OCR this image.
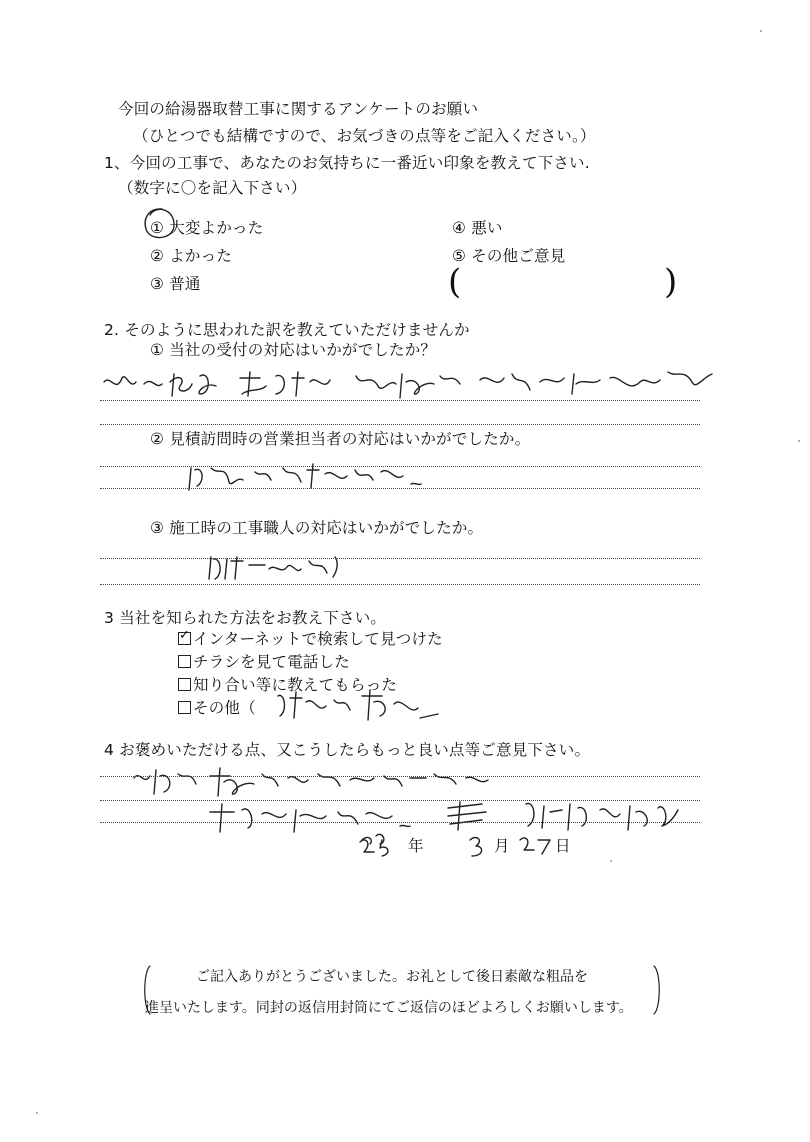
今回の給湯器取替工事に関するアンケートのお願い
（ひとつでも結構ですので、お気づきの点等をご記入ください。）
1、今回の工事で、あなたのお気持ちに一番近い印象を教えて下さい.
（数字に〇を記入下さい）
① 大変よかった
② よかった
③ 普通
④ 悪い
⑤ その他ご意見
(	)
2. そのように思われた訳を教えていただけませんか
① 当社の受付の対応はいかがでしたか？
② 見積訪問時の営業担当者の対応はいかがでしたか。
③ 施工時の工事職人の対応はいかがでしたか。
3 当社を知られた方法をお教え下さい。
✓インターネットで検索して見つけた
チラシを見て電話した
知り合い等に教えてもらった
その他（
4 お褒めいただける点、又こうしたらもっと良い点等ご意見下さい。
年	月	日
ご記入ありがとうございました。お礼として後日素敵な粗品を
進呈いたします。同封の返信用封筒にてご返信のほどよろしくお願いします。
